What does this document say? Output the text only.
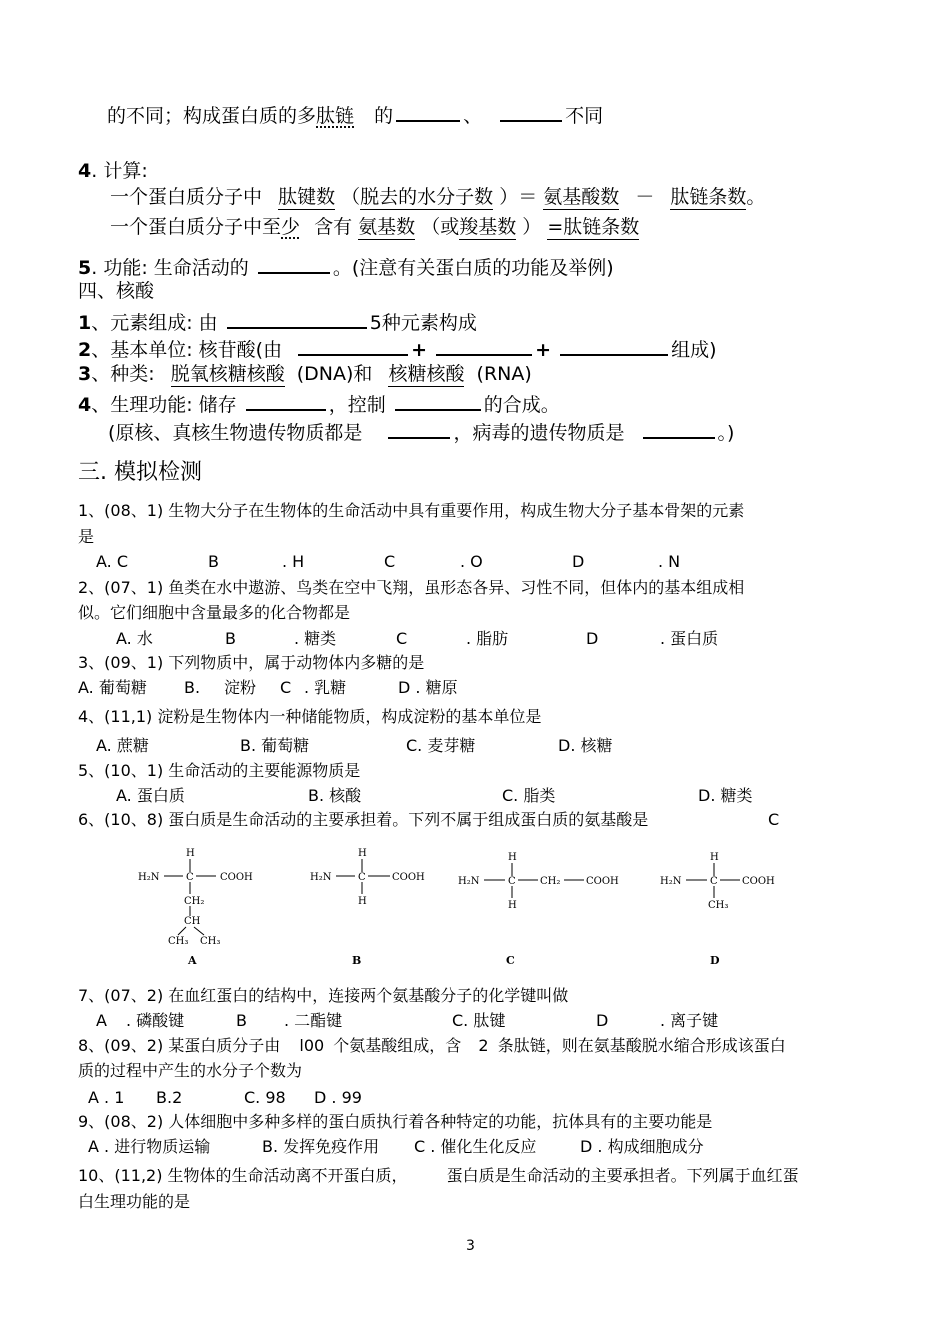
的不同；构成蛋白质的多肽链 的	、	不同
4. 计算:
一个蛋白质分子中 肽键数 （脱去的水分子数 ）＝ 氨基酸数 － 肽链条数。
一个蛋白质分子中至少 含有 氨基数 （或羧基数 ） =肽链条数
5. 功能: 生命活动的	。(注意有关蛋白质的功能及举例)
四、核酸
1、元素组成: 由	5种元素构成
2、基本单位: 核苷酸(由	+	+	组成)
3、种类: 脱氧核糖核酸 (DNA)和 核糖核酸 (RNA)
4、生理功能: 储存	，控制	的合成。
(原核、真核生物遗传物质都是	，病毒的遗传物质是	。)
三. 模拟检测
1、(08、1) 生物大分子在生物体的生命活动中具有重要作用，构成生物大分子基本骨架的元素
是
A. C	B	. H	C	. O	D	. N
2、(07、1) 鱼类在水中遨游、鸟类在空中飞翔，虽形态各异、习性不同，但体内的基本组成相
似。它们细胞中含量最多的化合物都是
A. 水	B	. 糖类	C	. 脂肪	D	. 蛋白质
3、(09、1) 下列物质中，属于动物体内多糖的是
A. 葡萄糖 B. 淀粉 C . 乳糖	D . 糖原
4、(11,1) 淀粉是生物体内一种储能物质，构成淀粉的基本单位是
A. 蔗糖	B. 葡萄糖	C. 麦芽糖	D. 核糖
5、(10、1) 生命活动的主要能源物质是
A. 蛋白质	B. 核酸	C. 脂类	D. 糖类
6、(10、8) 蛋白质是生命活动的主要承担着。下列不属于组成蛋白质的氨基酸是	C
H
H₂N	C	COOH
CH₂
CH
CH₃ CH₃
A
H
H₂N	C	COOH
H
B
H
H₂N	C CH₂	COOH
H
C
H
H₂N	C COOH
CH₃
D
7、(07、2) 在血红蛋白的结构中，连接两个氨基酸分子的化学键叫做
A . 磷酸键	B . 二酯键	C. 肽键	D	. 离子键
8、(09、2) 某蛋白质分子由 l00 个氨基酸组成，含 2 条肽链，则在氨基酸脱水缩合形成该蛋白
质的过程中产生的水分子个数为
A . 1 B.2	C. 98 D . 99
9、(08、2) 人体细胞中多种多样的蛋白质执行着各种特定的功能，抗体具有的主要功能是
A . 进行物质运输	B. 发挥免疫作用 C . 催化生化反应	D . 构成细胞成分
10、(11,2) 生物体的生命活动离不开蛋白质， 蛋白质是生命活动的主要承担者。下列属于血红蛋
白生理功能的是
3
